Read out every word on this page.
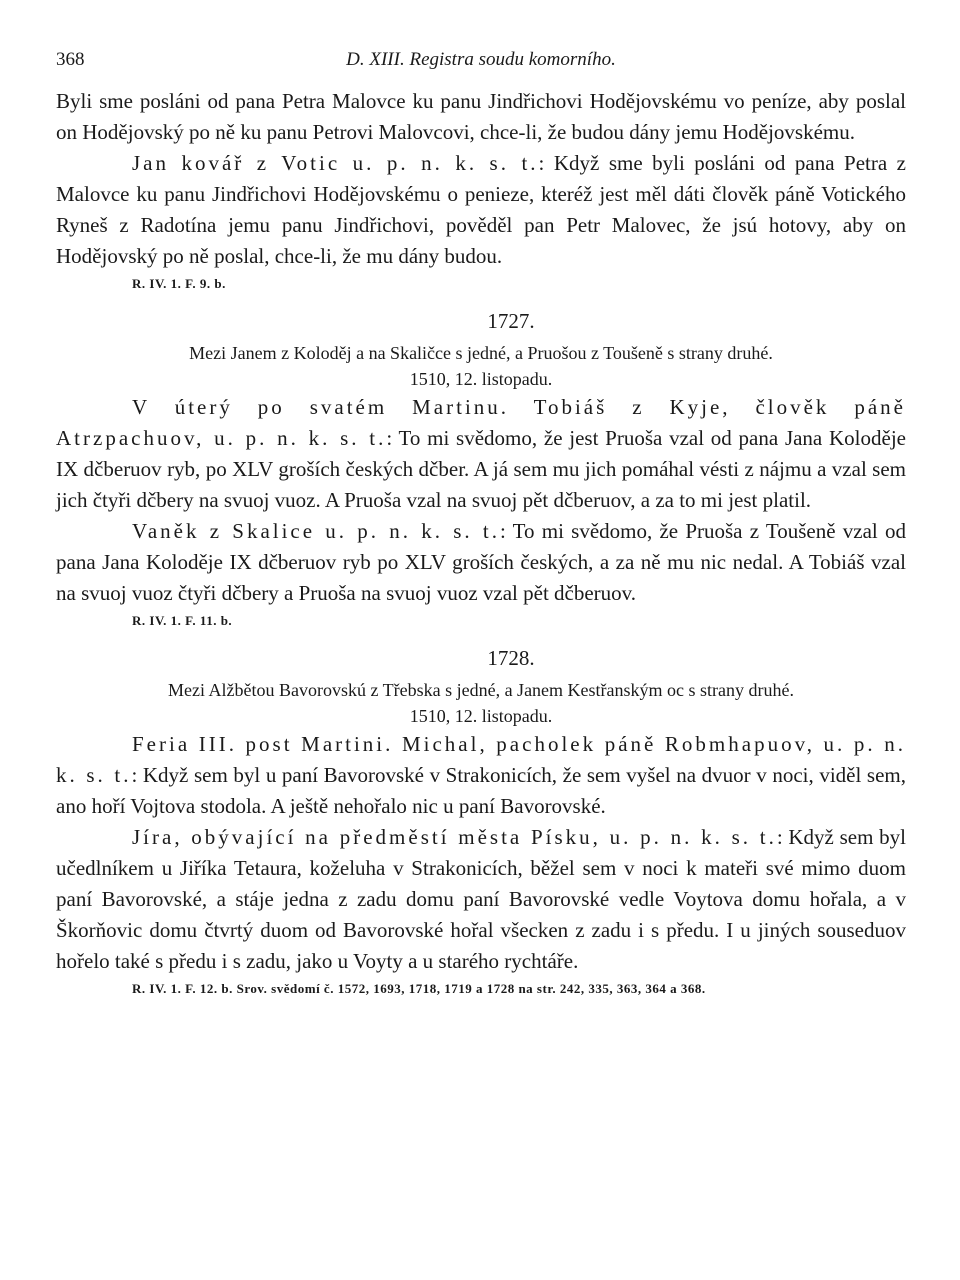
368	D. XIII. Registra soudu komorního.

Byli sme posláni od pana Petra Malovce ku panu Jindřichovi Hodějovskému vo peníze, aby poslal on Hodějovský po ně ku panu Petrovi Malovcovi, chce-li, že budou dány jemu Hodějovskému.

Jan kovář z Votic u. p. n. k. s. t.: Když sme byli posláni od pana Petra z Malovce ku panu Jindřichovi Hodějovskému o penieze, kteréž jest měl dáti člověk páně Votického Ryneš z Radotína jemu panu Jindřichovi, pověděl pan Petr Malovec, že jsú hotovy, aby on Hodějovský po ně poslal, chce-li, že mu dány budou.

R. IV. 1. F. 9. b.
1727.
Mezi Janem z Koloděj a na Skaličce s jedné, a Pruošou z Toušeně s strany druhé.
1510, 12. listopadu.

V úterý po svatém Martinu. Tobiáš z Kyje, člověk páně Atrzpachuov, u. p. n. k. s. t.: To mi svědomo, že jest Pruoša vzal od pana Jana Koloděje IX dčberuov ryb, po XLV groších českých dčber. A já sem mu jich pomáhal vésti z nájmu a vzal sem jich čtyři dčbery na svuoj vuoz. A Pruoša vzal na svuoj pět dčberuov, a za to mi jest platil.

Vaněk z Skalice u. p. n. k. s. t.: To mi svědomo, že Pruoša z Toušeně vzal od pana Jana Koloděje IX dčberuov ryb po XLV groších českých, a za ně mu nic nedal. A Tobiáš vzal na svuoj vuoz čtyři dčbery a Pruoša na svuoj vuoz vzal pět dčberuov.

R. IV. 1. F. 11. b.
1728.
Mezi Alžbětou Bavorovskú z Třebska s jedné, a Janem Kestřanským oc s strany druhé.
1510, 12. listopadu.

Feria III. post Martini. Michal, pacholek páně Robmhapuov, u. p. n. k. s. t.: Když sem byl u paní Bavorovské v Strakonicích, že sem vyšel na dvuor v noci, viděl sem, ano hoří Vojtova stodola. A ještě nehořalo nic u paní Bavorovské.

Jíra, obývající na předměstí města Písku, u. p. n. k. s. t.: Když sem byl učedlníkem u Jiříka Tetaura, koželuha v Strakonicích, běžel sem v noci k mateři své mimo duom paní Bavorovské, a stáje jedna z zadu domu paní Bavorovské vedle Voytova domu hořala, a v Škorňovic domu čtvrtý duom od Bavorovské hořal všecken z zadu i s předu. I u jiných souseduov hořelo také s předu i s zadu, jako u Voyty a u starého rychtáře.

R. IV. 1. F. 12. b. Srov. svědomí č. 1572, 1693, 1718, 1719 a 1728 na str. 242, 335, 363, 364 a 368.
